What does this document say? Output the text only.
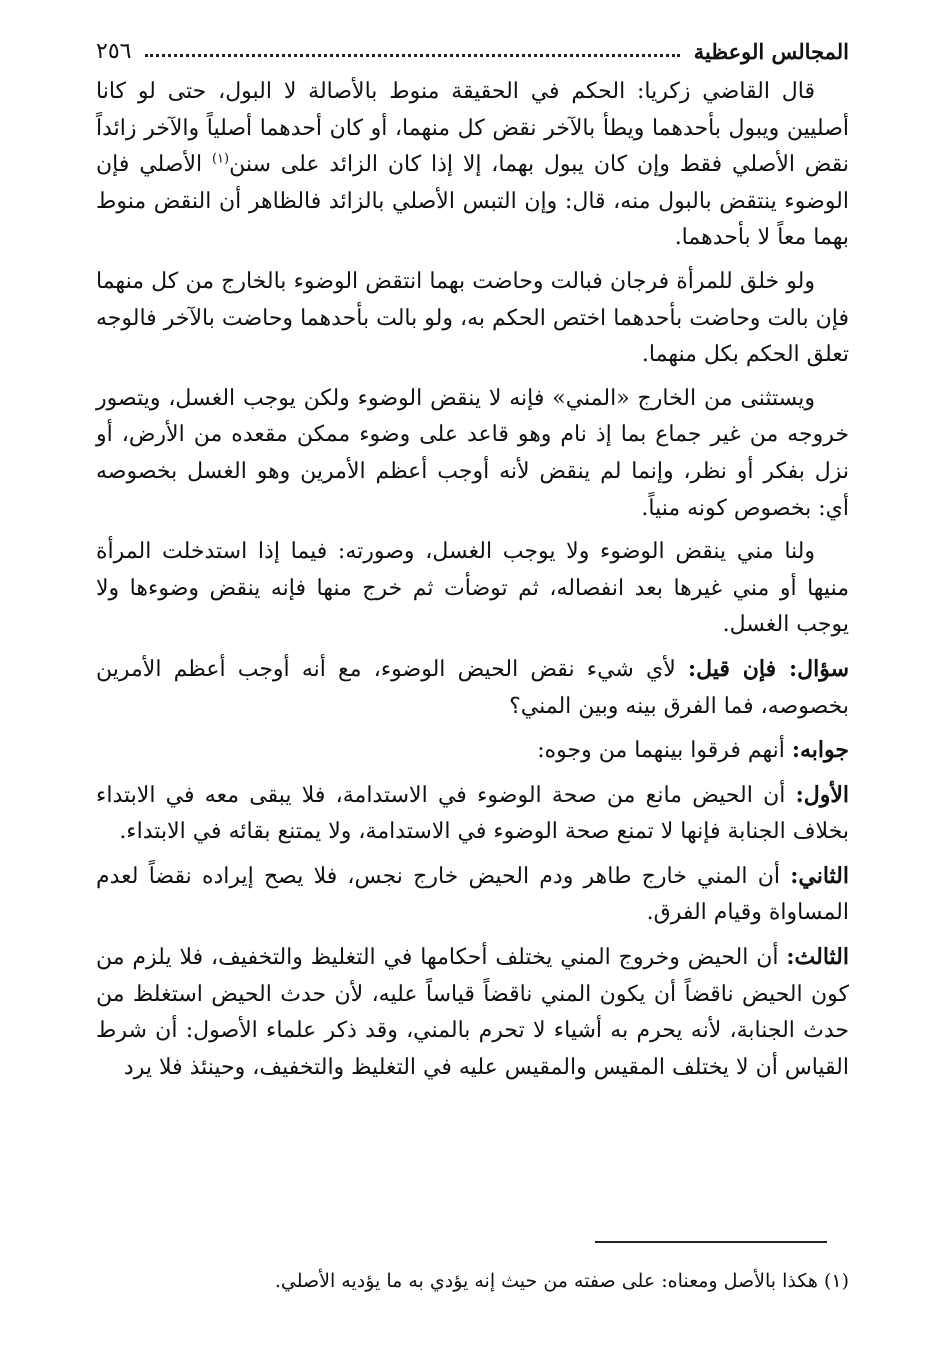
المجالس الوعظية
٢٥٦

قال القاضي زكريا: الحكم في الحقيقة منوط بالأصالة لا البول، حتى لو كانا أصليين ويبول بأحدهما ويطأ بالآخر نقض كل منهما، أو كان أحدهما أصلياً والآخر زائداً نقض الأصلي فقط وإن كان يبول بهما، إلا إذا كان الزائد على سنن$^{(١)}$ الأصلي فإن الوضوء ينتقض بالبول منه، قال: وإن التبس الأصلي بالزائد فالظاهر أن النقض منوط بهما معاً لا بأحدهما.

ولو خلق للمرأة فرجان فبالت وحاضت بهما انتقض الوضوء بالخارج من كل منهما فإن بالت وحاضت بأحدهما اختص الحكم به، ولو بالت بأحدهما وحاضت بالآخر فالوجه تعلق الحكم بكل منهما.

ويستثنى من الخارج «المني» فإنه لا ينقض الوضوء ولكن يوجب الغسل، ويتصور خروجه من غير جماع بما إذ نام وهو قاعد على وضوء ممكن مقعده من الأرض، أو نزل بفكر أو نظر، وإنما لم ينقض لأنه أوجب أعظم الأمرين وهو الغسل بخصوصه أي: بخصوص كونه منياً.

ولنا مني ينقض الوضوء ولا يوجب الغسل، وصورته: فيما إذا استدخلت المرأة منيها أو مني غيرها بعد انفصاله، ثم توضأت ثم خرج منها فإنه ينقض وضوءها ولا يوجب الغسل.

سؤال: فإن قيل: لأي شيء نقض الحيض الوضوء، مع أنه أوجب أعظم الأمرين بخصوصه، فما الفرق بينه وبين المني؟

جوابه: أنهم فرقوا بينهما من وجوه:

الأول: أن الحيض مانع من صحة الوضوء في الاستدامة، فلا يبقى معه في الابتداء بخلاف الجنابة فإنها لا تمنع صحة الوضوء في الاستدامة، ولا يمتنع بقائه في الابتداء.

الثاني: أن المني خارج طاهر ودم الحيض خارج نجس، فلا يصح إيراده نقضاً لعدم المساواة وقيام الفرق.

الثالث: أن الحيض وخروج المني يختلف أحكامها في التغليظ والتخفيف، فلا يلزم من كون الحيض ناقضاً أن يكون المني ناقضاً قياساً عليه، لأن حدث الحيض استغلظ من حدث الجنابة، لأنه يحرم به أشياء لا تحرم بالمني، وقد ذكر علماء الأصول: أن شرط القياس أن لا يختلف المقيس والمقيس عليه في التغليظ والتخفيف، وحينئذ فلا يرد

(١) هكذا بالأصل ومعناه: على صفته من حيث إنه يؤدي به ما يؤديه الأصلي.
